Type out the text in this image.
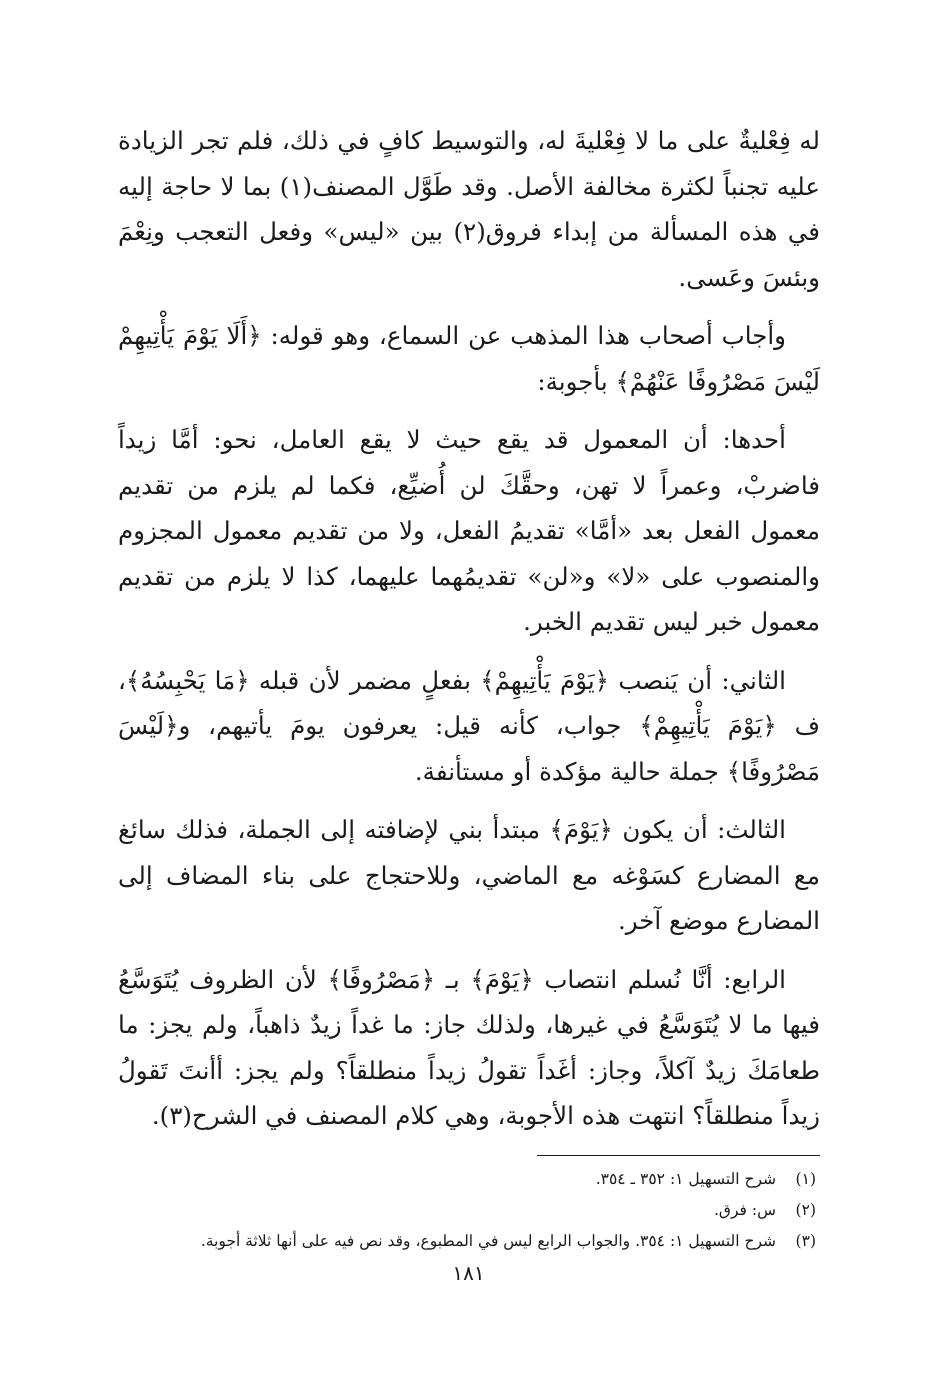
له فِعْليةٌ على ما لا فِعْليةَ له، والتوسيط كافٍ في ذلك، فلم تجر الزيادة عليه تجنباً لكثرة مخالفة الأصل. وقد طَوَّل المصنف(١) بما لا حاجة إليه في هذه المسألة من إبداء فروق(٢) بين «ليس» وفعل التعجب ونِعْمَ وبئسَ وعَسى.

وأجاب أصحاب هذا المذهب عن السماع، وهو قوله: ﴿أَلَا يَوْمَ يَأْتِيهِمْ لَيْسَ مَصْرُوفًا عَنْهُمْ﴾ بأجوبة:

أحدها: أن المعمول قد يقع حيث لا يقع العامل، نحو: أمَّا زيداً فاضربْ، وعمراً لا تهن، وحقَّكَ لن أُضيِّع، فكما لم يلزم من تقديم معمول الفعل بعد «أمَّا» تقديمُ الفعل، ولا من تقديم معمول المجزوم والمنصوب على «لا» و«لن» تقديمُهما عليهما، كذا لا يلزم من تقديم معمول خبر ليس تقديم الخبر.

الثاني: أن يَنصب ﴿يَوْمَ يَأْتِيهِمْ﴾ بفعلٍ مضمر لأن قبله ﴿مَا يَحْبِسُهُ﴾، ف ﴿يَوْمَ يَأْتِيهِمْ﴾ جواب، كأنه قيل: يعرفون يومَ يأتيهم، و﴿لَيْسَ مَصْرُوفًا﴾ جملة حالية مؤكدة أو مستأنفة.

الثالث: أن يكون ﴿يَوْمَ﴾ مبتدأ بني لإضافته إلى الجملة، فذلك سائغ مع المضارع كسَوْغه مع الماضي، وللاحتجاج على بناء المضاف إلى المضارع موضع آخر.

الرابع: أنَّا نُسلم انتصاب ﴿يَوْمَ﴾ بـ ﴿مَصْرُوفًا﴾ لأن الظروف يُتَوَسَّعُ فيها ما لا يُتَوَسَّعُ في غيرها، ولذلك جاز: ما غداً زيدٌ ذاهباً، ولم يجز: ما طعامَكَ زيدٌ آكلاً، وجاز: أغَداً تقولُ زيداً منطلقاً؟ ولم يجز: أأنتَ تَقولُ زيداً منطلقاً؟ انتهت هذه الأجوبة، وهي كلام المصنف في الشرح(٣).

(١)
شرح التسهيل ١: ٣٥٢ ـ ٣٥٤.
(٢)
س: فرق.
(٣)
شرح التسهيل ١: ٣٥٤. والجواب الرابع ليس في المطبوع، وقد نص فيه على أنها ثلاثة أجوبة.
١٨١
